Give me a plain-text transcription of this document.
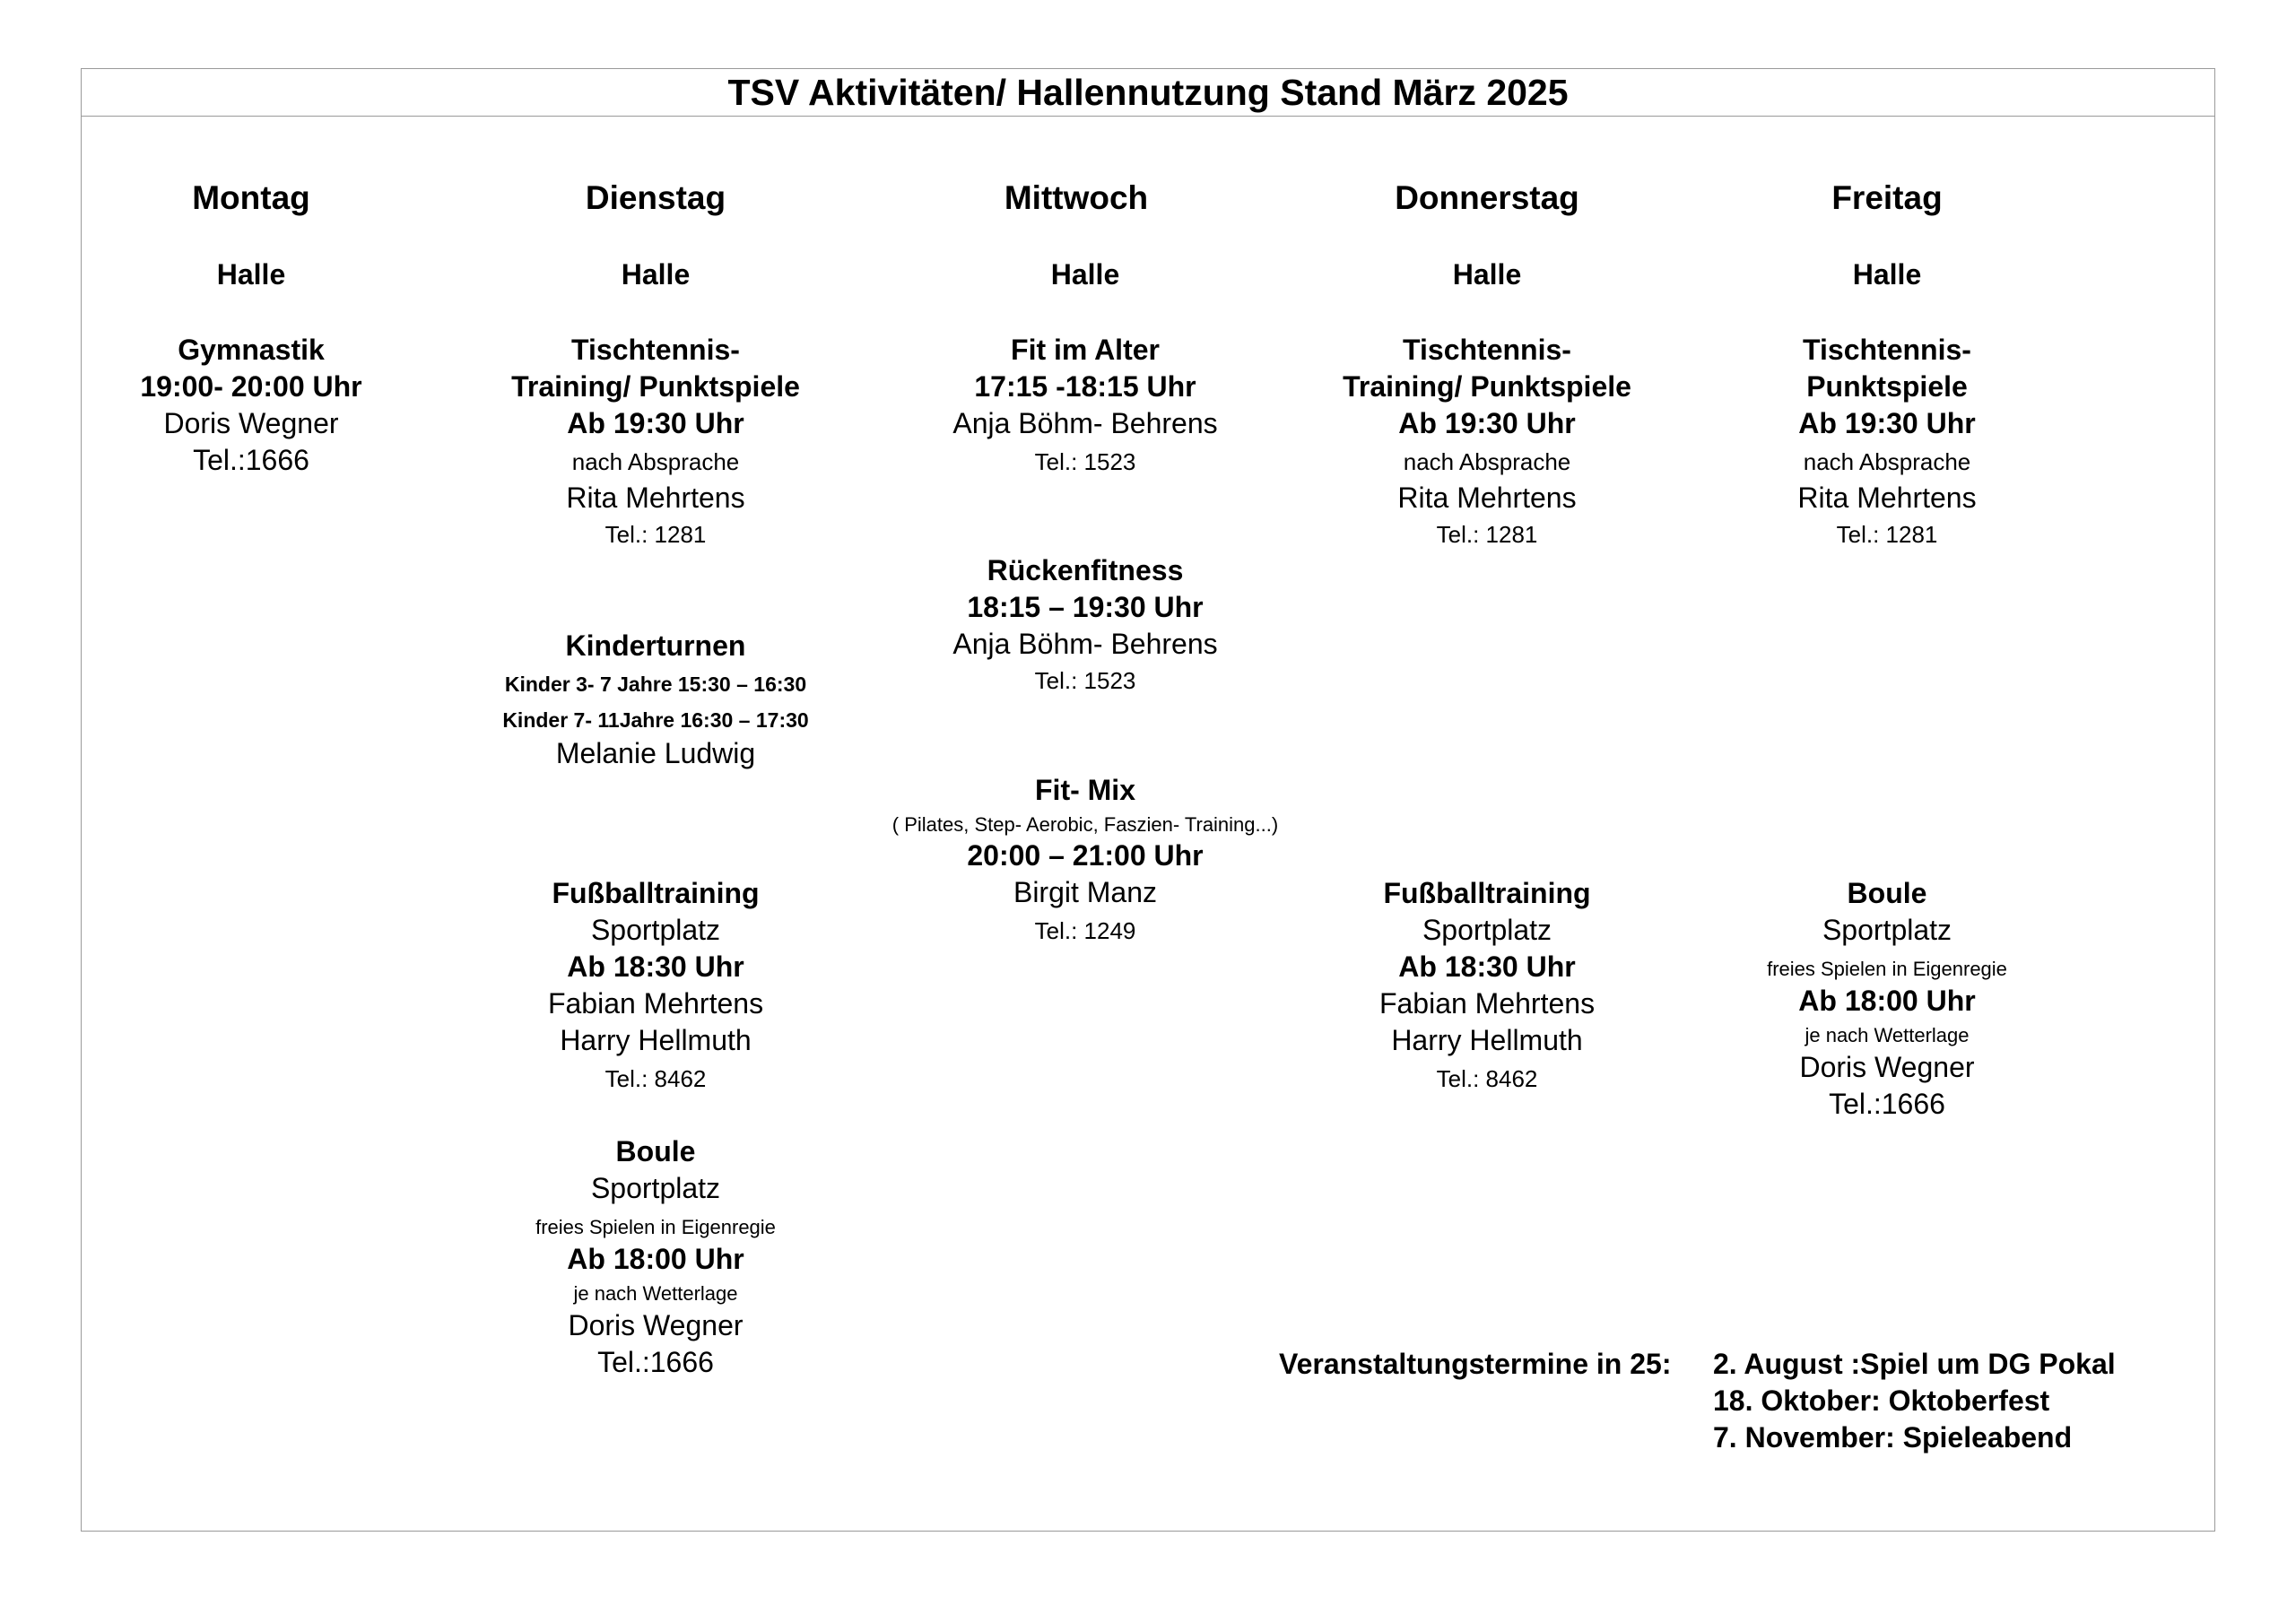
TSV Aktivitäten/ Hallennutzung Stand März 2025
Montag
Halle
Gymnastik
19:00- 20:00 Uhr
Doris Wegner
Tel.:1666
Dienstag
Halle
Tischtennis-
Training/ Punktspiele
Ab 19:30 Uhr
nach Absprache
Rita Mehrtens
Tel.: 1281
Kinderturnen
Kinder 3- 7 Jahre 15:30 – 16:30
Kinder 7- 11Jahre 16:30 – 17:30
Melanie Ludwig
Fußballtraining
Sportplatz
Ab 18:30 Uhr
Fabian Mehrtens
Harry Hellmuth
Tel.: 8462
Boule
Sportplatz
freies Spielen in Eigenregie
Ab 18:00 Uhr
je nach Wetterlage
Doris Wegner
Tel.:1666
Mittwoch
Halle
Fit im Alter
17:15 -18:15 Uhr
Anja Böhm- Behrens
Tel.: 1523
Rückenfitness
18:15 – 19:30 Uhr
Anja Böhm- Behrens
Tel.: 1523
Fit- Mix
( Pilates, Step- Aerobic, Faszien- Training...)
20:00 – 21:00 Uhr
Birgit Manz
Tel.: 1249
Donnerstag
Halle
Tischtennis-
Training/ Punktspiele
Ab 19:30 Uhr
nach Absprache
Rita Mehrtens
Tel.: 1281
Fußballtraining
Sportplatz
Ab 18:30 Uhr
Fabian Mehrtens
Harry Hellmuth
Tel.: 8462
Freitag
Halle
Tischtennis-
Punktspiele
Ab 19:30 Uhr
nach Absprache
Rita Mehrtens
Tel.: 1281
Boule
Sportplatz
freies Spielen in Eigenregie
Ab 18:00 Uhr
je nach Wetterlage
Doris Wegner
Tel.:1666
Veranstaltungstermine in 25: 2. August :Spiel um DG Pokal
18. Oktober: Oktoberfest
7. November: Spieleabend
